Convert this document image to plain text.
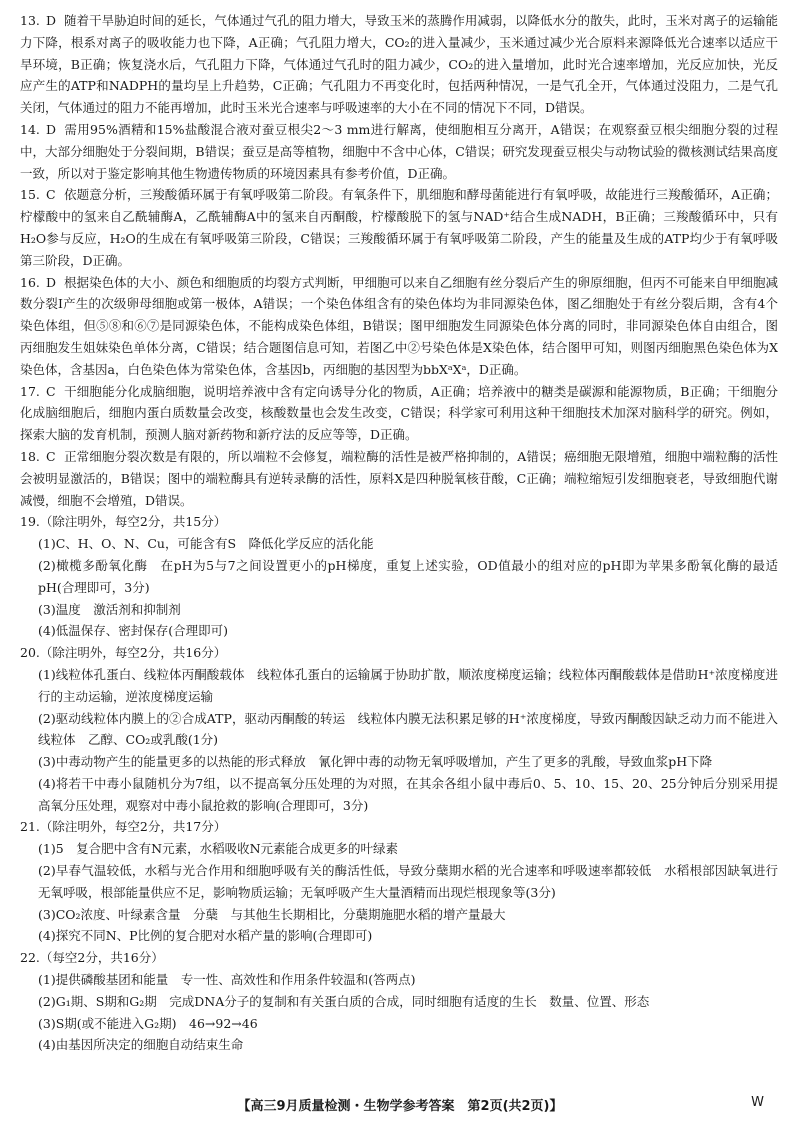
13. D 随着干旱胁迫时间的延长，气体通过气孔的阻力增大，导致玉米的蒸腾作用减弱，以降低水分的散失，此时，玉米对离子的运输能力下降，根系对离子的吸收能力也下降，A正确；气孔阻力增大，CO₂的进入量减少，玉米通过减少光合原料来源降低光合速率以适应干旱环境，B正确；恢复浇水后，气孔阻力下降，气体通过气孔时的阻力减少，CO₂的进入量增加，此时光合速率增加，光反应加快，光反应产生的ATP和NADPH的量均呈上升趋势，C正确；气孔阻力不再变化时，包括两种情况，一是气孔全开，气体通过没阻力，二是气孔关闭，气体通过的阻力不能再增加，此时玉米光合速率与呼吸速率的大小在不同的情况下不同，D错误。

14. D 需用95%酒精和15%盐酸混合液对蚕豆根尖2～3 mm进行解离，使细胞相互分离开，A错误；在观察蚕豆根尖细胞分裂的过程中，大部分细胞处于分裂间期，B错误；蚕豆是高等植物，细胞中不含中心体，C错误；研究发现蚕豆根尖与动物试验的微核测试结果高度一致，所以对于鉴定影响其他生物遗传物质的环境因素具有参考价值，D正确。

15. C 依题意分析，三羧酸循环属于有氧呼吸第二阶段。有氧条件下，肌细胞和酵母菌能进行有氧呼吸，故能进行三羧酸循环，A正确；柠檬酸中的氢来自乙酰辅酶A，乙酰辅酶A中的氢来自丙酮酸，柠檬酸脱下的氢与NAD⁺结合生成NADH，B正确；三羧酸循环中，只有H₂O参与反应，H₂O的生成在有氧呼吸第三阶段，C错误；三羧酸循环属于有氧呼吸第二阶段，产生的能量及生成的ATP均少于有氧呼吸第三阶段，D正确。

16. D 根据染色体的大小、颜色和细胞质的均裂方式判断，甲细胞可以来自乙细胞有丝分裂后产生的卵原细胞，但丙不可能来自甲细胞减数分裂Ⅰ产生的次级卵母细胞或第一极体，A错误；一个染色体组含有的染色体均为非同源染色体，图乙细胞处于有丝分裂后期，含有4个染色体组，但⑤⑧和⑥⑦是同源染色体，不能构成染色体组，B错误；图甲细胞发生同源染色体分离的同时，非同源染色体自由组合，图丙细胞发生姐妹染色单体分离，C错误；结合题图信息可知，若图乙中②号染色体是X染色体，结合图甲可知，则图丙细胞黑色染色体为X染色体，含基因a，白色染色体为常染色体，含基因b，丙细胞的基因型为bbXᵃXᵃ，D正确。

17. C 干细胞能分化成脑细胞，说明培养液中含有定向诱导分化的物质，A正确；培养液中的糖类是碳源和能源物质，B正确；干细胞分化成脑细胞后，细胞内蛋白质数量会改变，核酸数量也会发生改变，C错误；科学家可利用这种干细胞技术加深对脑科学的研究。例如，探索大脑的发育机制，预测人脑对新药物和新疗法的反应等等，D正确。

18. C 正常细胞分裂次数是有限的，所以端粒不会修复，端粒酶的活性是被严格抑制的，A错误；癌细胞无限增殖，细胞中端粒酶的活性会被明显激活的，B错误；图中的端粒酶具有逆转录酶的活性，原料X是四种脱氧核苷酸，C正确；端粒缩短引发细胞衰老，导致细胞代谢减慢，细胞不会增殖，D错误。

19.（除注明外，每空2分，共15分）

(1)C、H、O、N、Cu，可能含有S　降低化学反应的活化能

(2)橄榄多酚氧化酶　在pH为5与7之间设置更小的pH梯度，重复上述实验，OD值最小的组对应的pH即为苹果多酚氧化酶的最适pH(合理即可，3分)

(3)温度　激活剂和抑制剂

(4)低温保存、密封保存(合理即可)

20.（除注明外，每空2分，共16分）

(1)线粒体孔蛋白、线粒体丙酮酸载体　线粒体孔蛋白的运输属于协助扩散，顺浓度梯度运输；线粒体丙酮酸载体是借助H⁺浓度梯度进行的主动运输，逆浓度梯度运输

(2)驱动线粒体内膜上的②合成ATP，驱动丙酮酸的转运　线粒体内膜无法积累足够的H⁺浓度梯度，导致丙酮酸因缺乏动力而不能进入线粒体　乙醇、CO₂或乳酸(1分)

(3)中毒动物产生的能量更多的以热能的形式释放　氰化钾中毒的动物无氧呼吸增加，产生了更多的乳酸，导致血浆pH下降

(4)将若干中毒小鼠随机分为7组，以不提高氧分压处理的为对照，在其余各组小鼠中毒后0、5、10、15、20、25分钟后分别采用提高氧分压处理，观察对中毒小鼠抢救的影响(合理即可，3分)

21.（除注明外，每空2分，共17分）

(1)5　复合肥中含有N元素，水稻吸收N元素能合成更多的叶绿素

(2)早春气温较低，水稻与光合作用和细胞呼吸有关的酶活性低，导致分蘖期水稻的光合速率和呼吸速率都较低　水稻根部因缺氧进行无氧呼吸，根部能量供应不足，影响物质运输；无氧呼吸产生大量酒精而出现烂根现象等(3分)

(3)CO₂浓度、叶绿素含量　分蘖　与其他生长期相比，分蘖期施肥水稻的增产量最大

(4)探究不同N、P比例的复合肥对水稻产量的影响(合理即可)

22.（每空2分，共16分）

(1)提供磷酸基团和能量　专一性、高效性和作用条件较温和(答两点)

(2)G₁期、S期和G₂期　完成DNA分子的复制和有关蛋白质的合成，同时细胞有适度的生长　数量、位置、形态

(3)S期(或不能进入G₂期)　46→92→46

(4)由基因所决定的细胞自动结束生命

【高三9月质量检测・生物学参考答案　第2页(共2页)】	W
